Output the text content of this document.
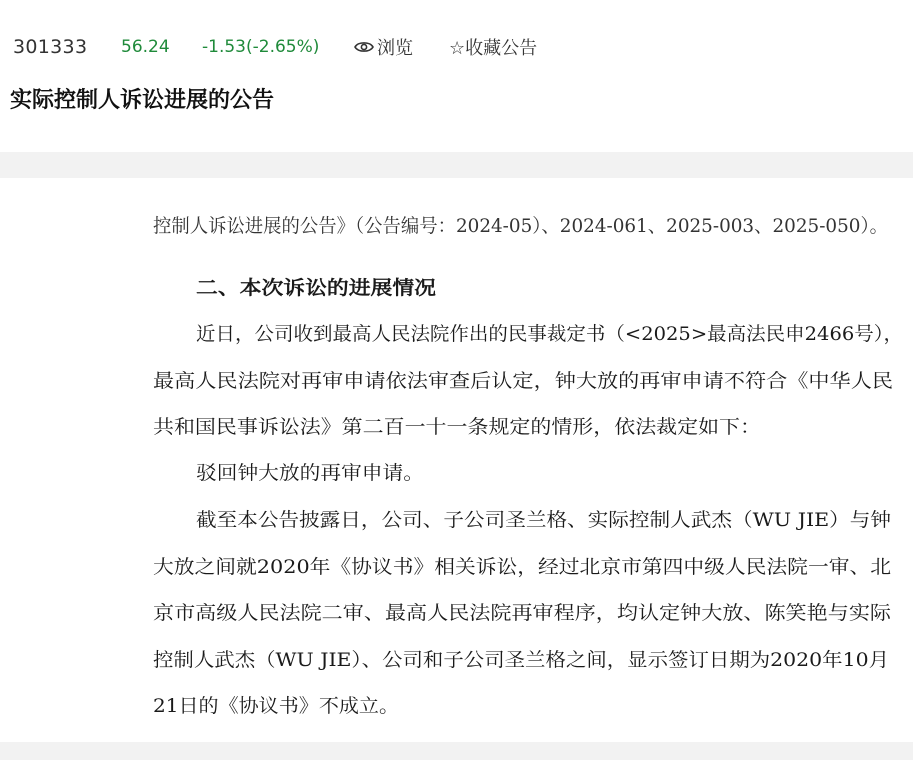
301333 56.24 -1.53(-2.65%)	浏览 ☆收藏公告
实际控制人诉讼进展的公告
控制人诉讼进展的公告》（公告编号：2024-05）、2024-061、2025-003、2025-050）。
二、本次诉讼的进展情况
近日，公司收到最高人民法院作出的民事裁定书（<2025>最高法民申2466号），
最高人民法院对再审申请依法审查后认定，钟大放的再审申请不符合《中华人民
共和国民事诉讼法》第二百一十一条规定的情形，依法裁定如下：
驳回钟大放的再审申请。
截至本公告披露日，公司、子公司圣兰格、实际控制人武杰（WU JIE）与钟
大放之间就2020年《协议书》相关诉讼，经过北京市第四中级人民法院一审、北
京市高级人民法院二审、最高人民法院再审程序，均认定钟大放、陈笑艳与实际
控制人武杰（WU JIE）、公司和子公司圣兰格之间，显示签订日期为2020年10月
21日的《协议书》不成立。
